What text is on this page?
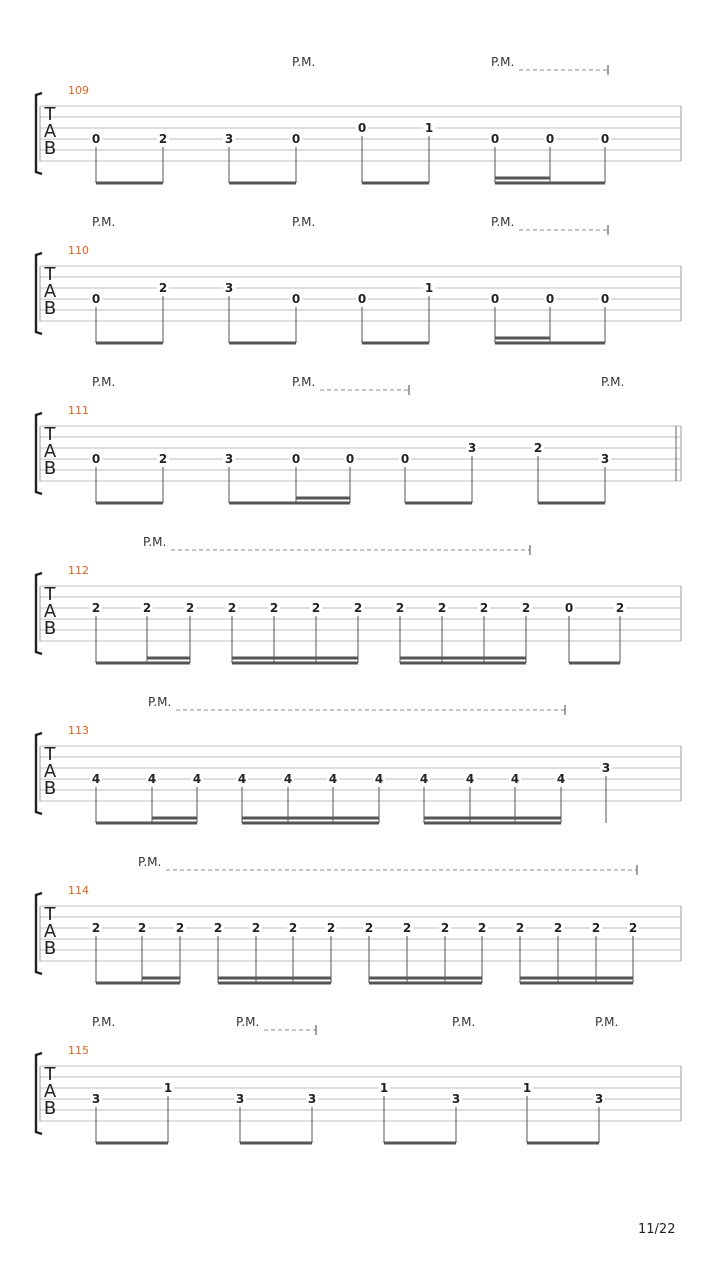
T
A
B
109
P.M.	P.M.
0	2	3	0
0	1
0	0	0
T
A
B
110
P.M.	P.M.	P.M.
0
2	3
0	0
1
0	0	0
T
A
B
111
P.M.	P.M.	P.M.
0	2	3	0	0	0
3	2
3
T
A
B
112
P.M.
2	2	2	2	2	2	2	2	2	2	2	0	2
T
A
B
113
P.M.
4	4	4	4	4	4	4	4	4	4	4
3
T
A
B
114
P.M.
2	2 2 2 2 2 2 2 2 2 2 2 2 2 2
T
A
B
115
P.M.	P.M.	P.M.	P.M.
3
1
3	3
1
3
1
3
11/22
